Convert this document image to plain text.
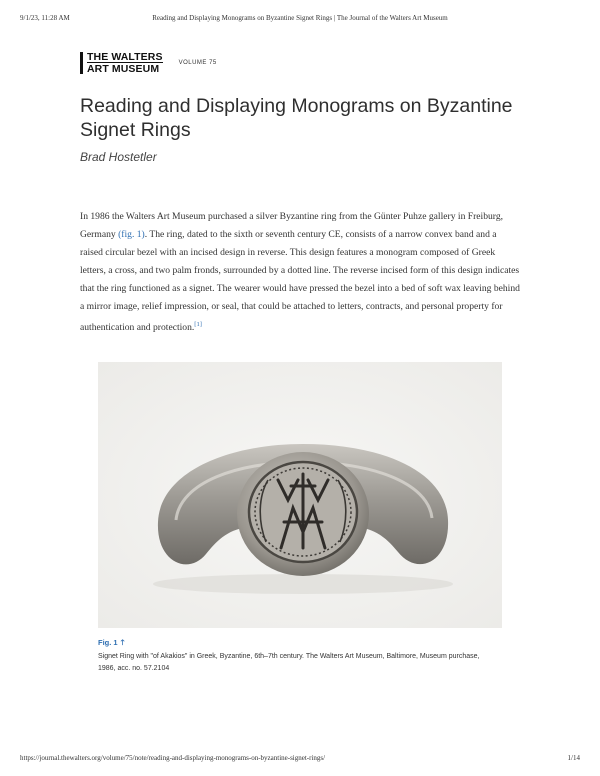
9/1/23, 11:28 AM	Reading and Displaying Monograms on Byzantine Signet Rings | The Journal of the Walters Art Museum
THE WALTERS
ART MUSEUM	VOLUME 75
Reading and Displaying Monograms on Byzantine Signet Rings
Brad Hostetler

In 1986 the Walters Art Museum purchased a silver Byzantine ring from the Günter Puhze gallery in Freiburg, Germany (fig. 1). The ring, dated to the sixth or seventh century CE, consists of a narrow convex band and a raised circular bezel with an incised design in reverse. This design features a monogram composed of Greek letters, a cross, and two palm fronds, surrounded by a dotted line. The reverse incised form of this design indicates that the ring functioned as a signet. The wearer would have pressed the bezel into a bed of soft wax leaving behind a mirror image, relief impression, or seal, that could be attached to letters, contracts, and personal property for authentication and protection.[1]

Fig. 1 🡑

Signet Ring with "of Akakios" in Greek, Byzantine, 6th–7th century. The Walters Art Museum, Baltimore, Museum purchase, 1986, acc. no. 57.2104

https://journal.thewalters.org/volume/75/note/reading-and-displaying-monograms-on-byzantine-signet-rings/	1/14
